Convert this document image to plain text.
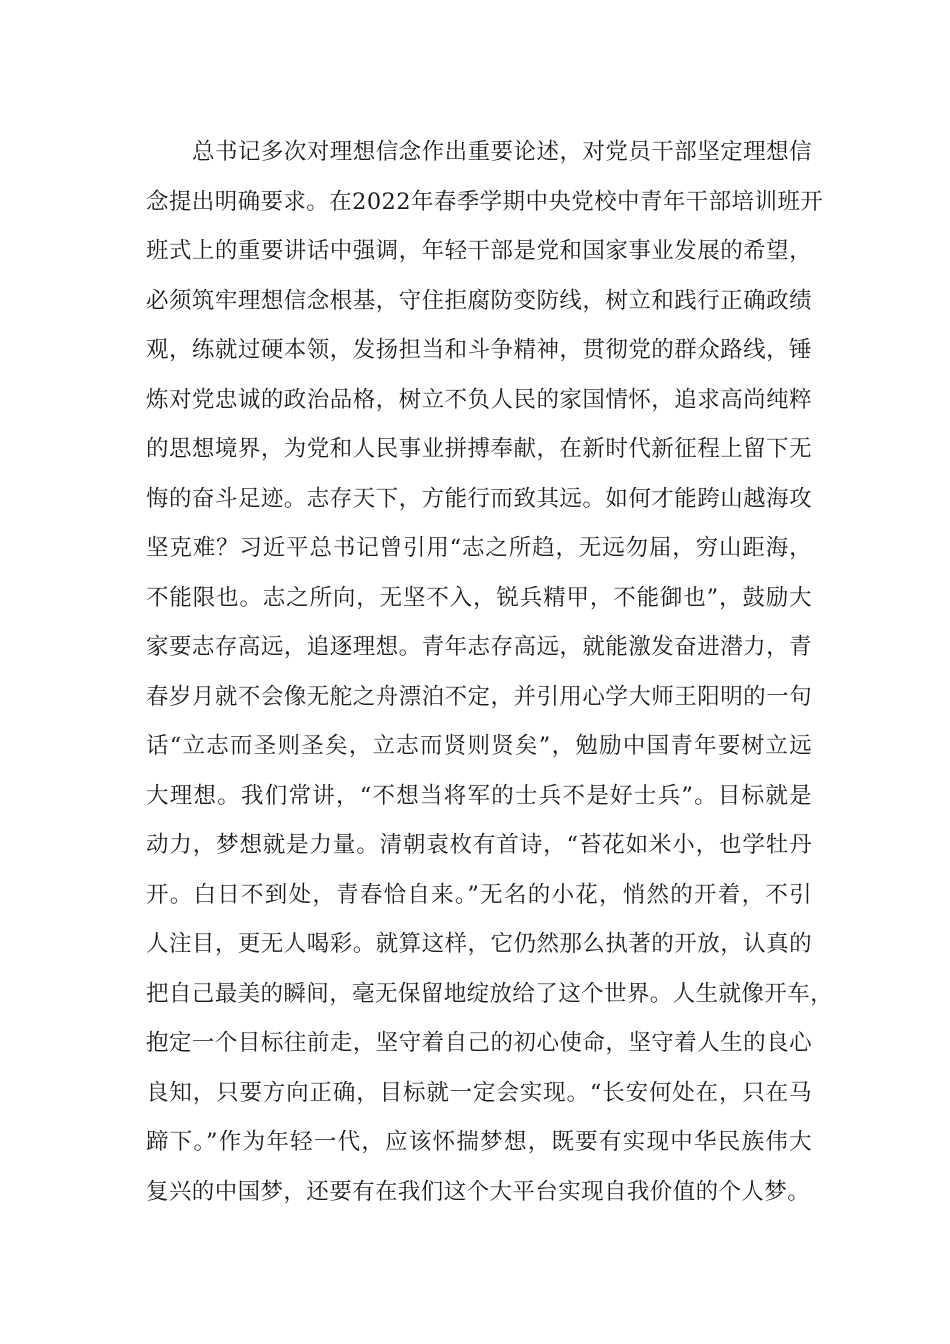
总书记多次对理想信念作出重要论述，对党员干部坚定理想信
念提出明确要求。在2022年春季学期中央党校中青年干部培训班开
班式上的重要讲话中强调，年轻干部是党和国家事业发展的希望，
必须筑牢理想信念根基，守住拒腐防变防线，树立和践行正确政绩
观，练就过硬本领，发扬担当和斗争精神，贯彻党的群众路线，锤
炼对党忠诚的政治品格，树立不负人民的家国情怀，追求高尚纯粹
的思想境界，为党和人民事业拼搏奉献，在新时代新征程上留下无
悔的奋斗足迹。志存天下，方能行而致其远。如何才能跨山越海攻
坚克难？习近平总书记曾引用“志之所趋，无远勿届，穷山距海，
不能限也。志之所向，无坚不入，锐兵精甲，不能御也”，鼓励大
家要志存高远，追逐理想。青年志存高远，就能激发奋进潜力，青
春岁月就不会像无舵之舟漂泊不定，并引用心学大师王阳明的一句
话“立志而圣则圣矣，立志而贤则贤矣”，勉励中国青年要树立远
大理想。我们常讲，“不想当将军的士兵不是好士兵”。目标就是
动力，梦想就是力量。清朝袁枚有首诗，“苔花如米小，也学牡丹
开。白日不到处，青春恰自来。”无名的小花，悄然的开着，不引
人注目，更无人喝彩。就算这样，它仍然那么执著的开放，认真的
把自己最美的瞬间，毫无保留地绽放给了这个世界。人生就像开车，
抱定一个目标往前走，坚守着自己的初心使命，坚守着人生的良心
良知，只要方向正确，目标就一定会实现。“长安何处在，只在马
蹄下。”作为年轻一代，应该怀揣梦想，既要有实现中华民族伟大
复兴的中国梦，还要有在我们这个大平台实现自我价值的个人梦。
